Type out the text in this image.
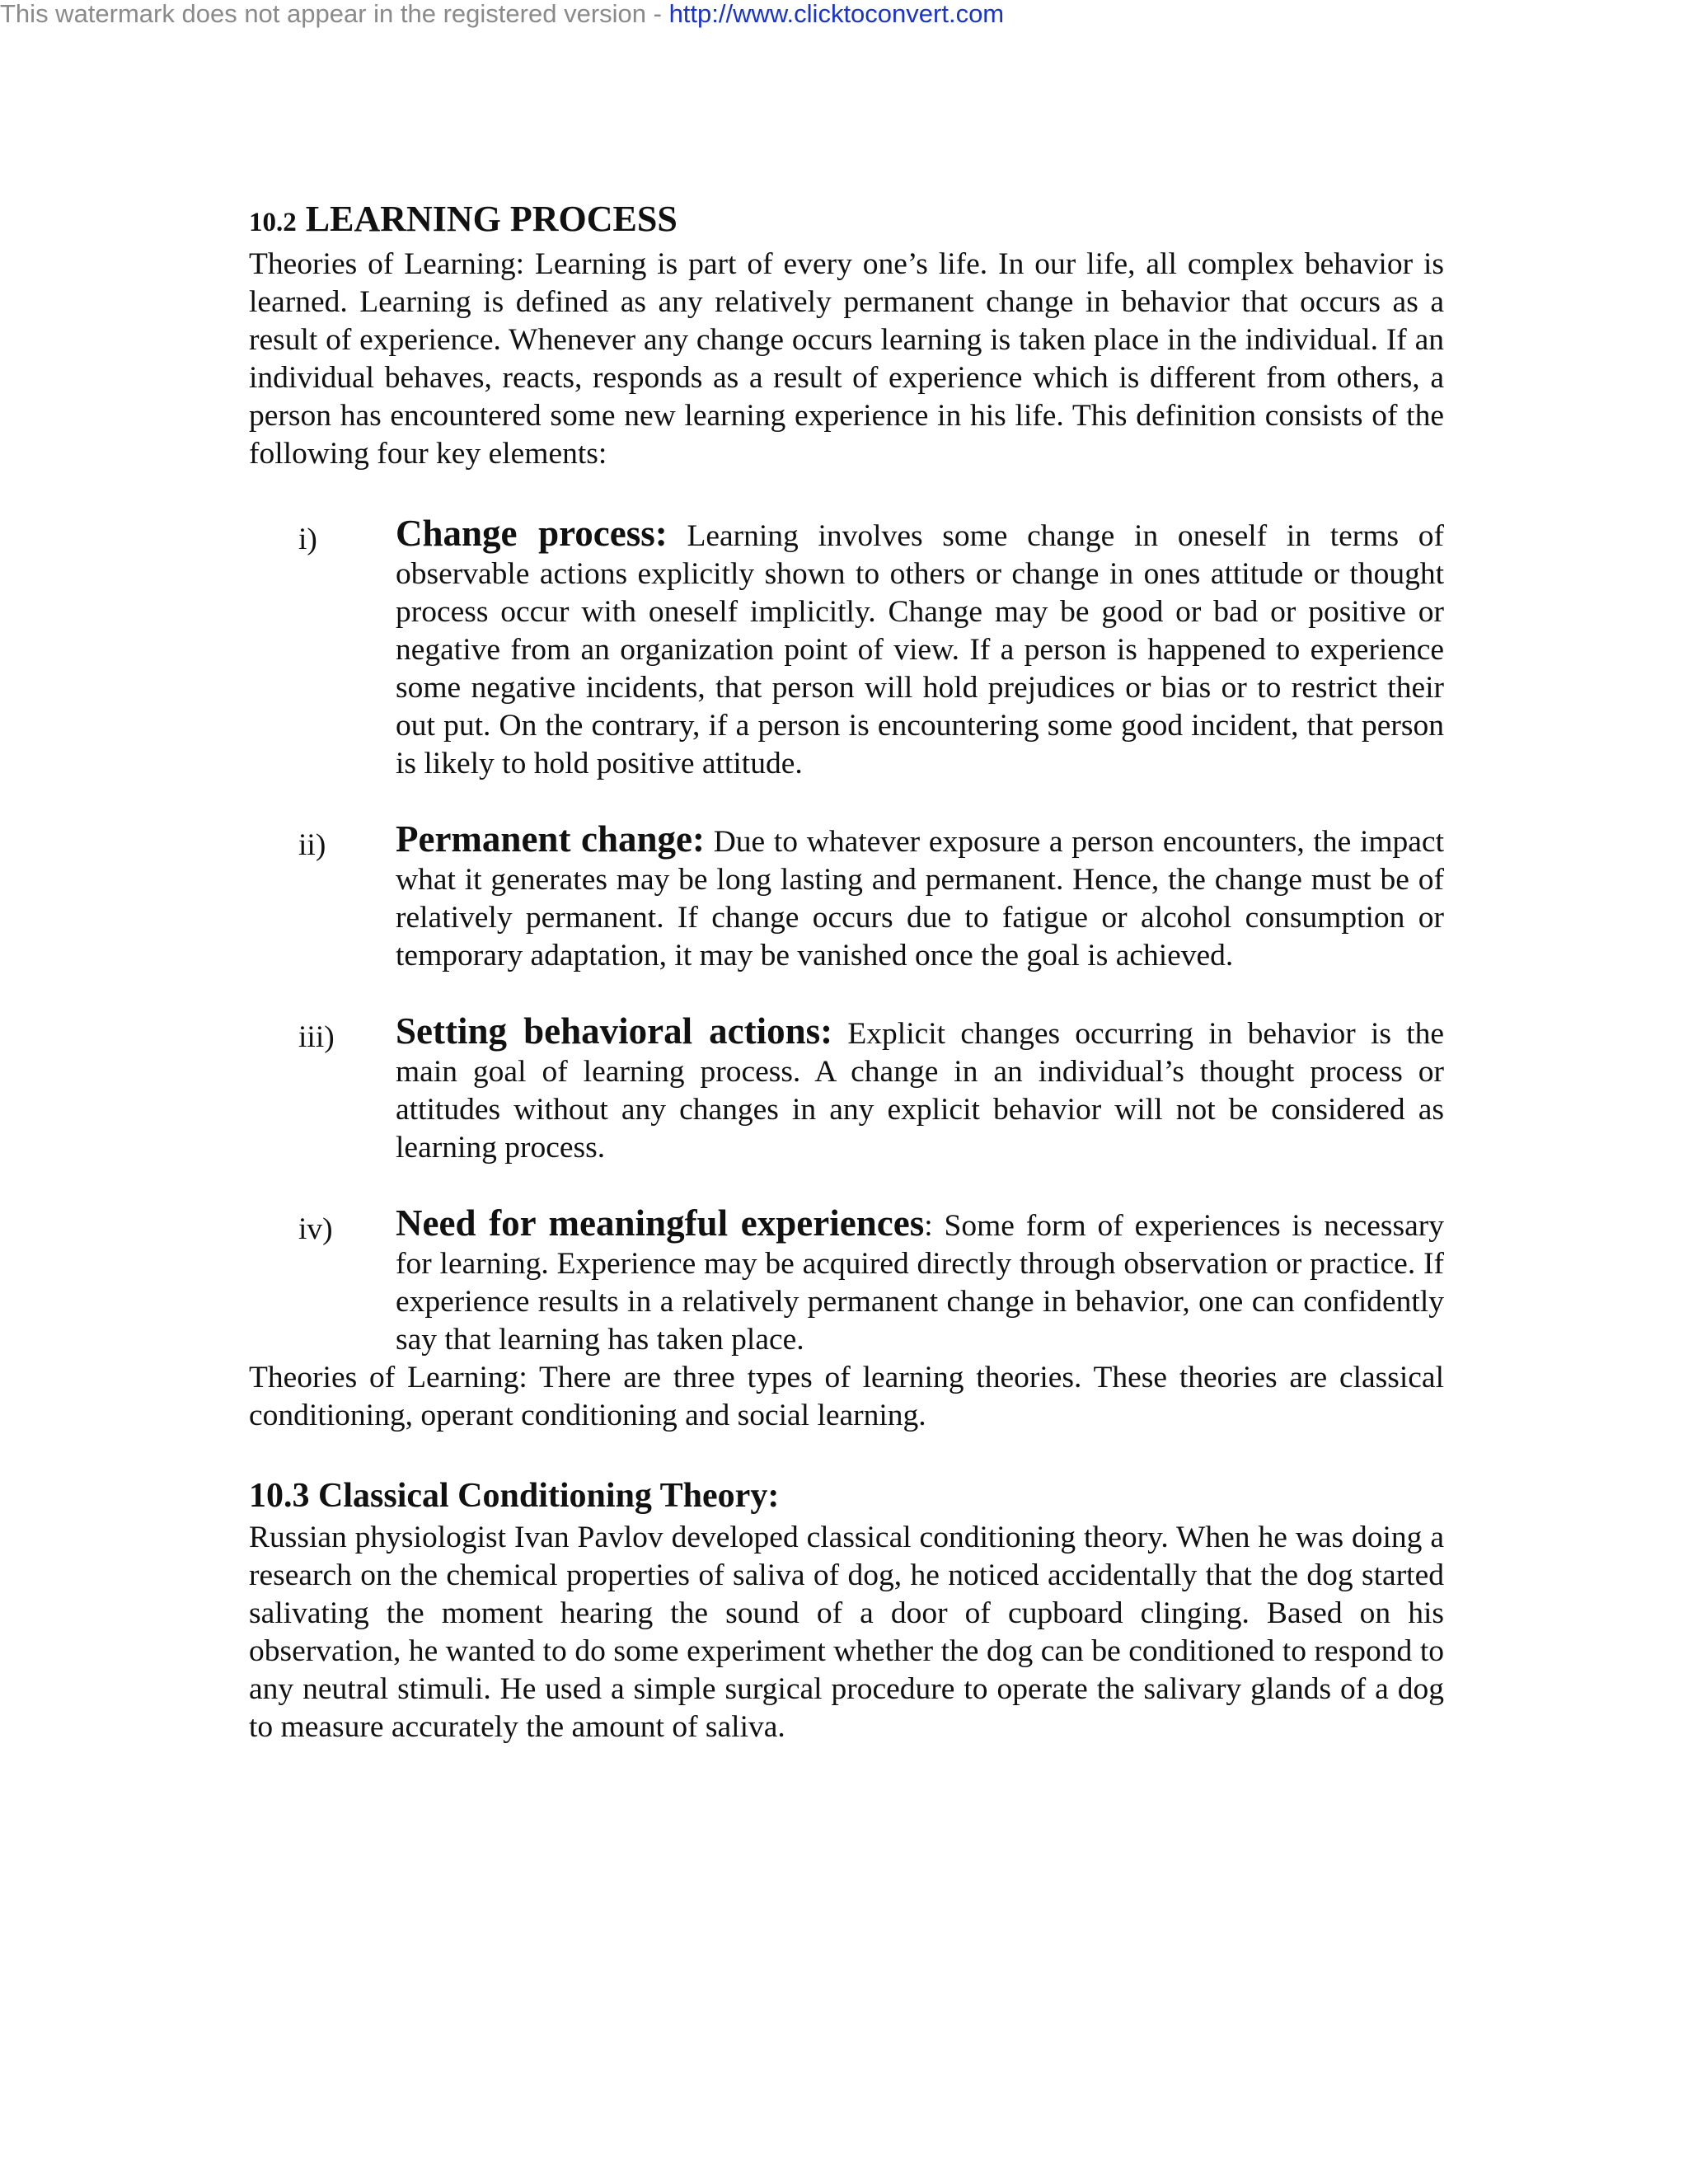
This watermark does not appear in the registered version - http://www.clicktoconvert.com
10.2 LEARNING PROCESS

Theories of Learning: Learning is part of every one’s life. In our life, all complex behavior is learned. Learning is defined as any relatively permanent change in behavior that occurs as a result of experience. Whenever any change occurs learning is taken place in the individual. If an individual behaves, reacts, responds as a result of experience which is different from others, a person has encountered some new learning experience in his life. This definition consists of the following four key elements:

i)	Change process: Learning involves some change in oneself in terms of observable actions explicitly shown to others or change in ones attitude or thought process occur with oneself implicitly. Change may be good or bad or positive or negative from an organization point of view. If a person is happened to experience some negative incidents, that person will hold prejudices or bias or to restrict their out put. On the contrary, if a person is encountering some good incident, that person is likely to hold positive attitude.
ii)	Permanent change: Due to whatever exposure a person encounters, the impact what it generates may be long lasting and permanent. Hence, the change must be of relatively permanent. If change occurs due to fatigue or alcohol consumption or temporary adaptation, it may be vanished once the goal is achieved.
iii)	Setting behavioral actions: Explicit changes occurring in behavior is the main goal of learning process. A change in an individual’s thought process or attitudes without any changes in any explicit behavior will not be considered as learning process.
iv)	Need for meaningful experiences: Some form of experiences is necessary for learning. Experience may be acquired directly through observation or practice. If experience results in a relatively permanent change in behavior, one can confidently say that learning has taken place.

Theories of Learning: There are three types of learning theories. These theories are classical conditioning, operant conditioning and social learning.

10.3 Classical Conditioning Theory:

Russian physiologist Ivan Pavlov developed classical conditioning theory. When he was doing a research on the chemical properties of saliva of dog, he noticed accidentally that the dog started salivating the moment hearing the sound of a door of cupboard clinging. Based on his observation, he wanted to do some experiment whether the dog can be conditioned to respond to any neutral stimuli. He used a simple surgical procedure to operate the salivary glands of a dog to measure accurately the amount of saliva.
